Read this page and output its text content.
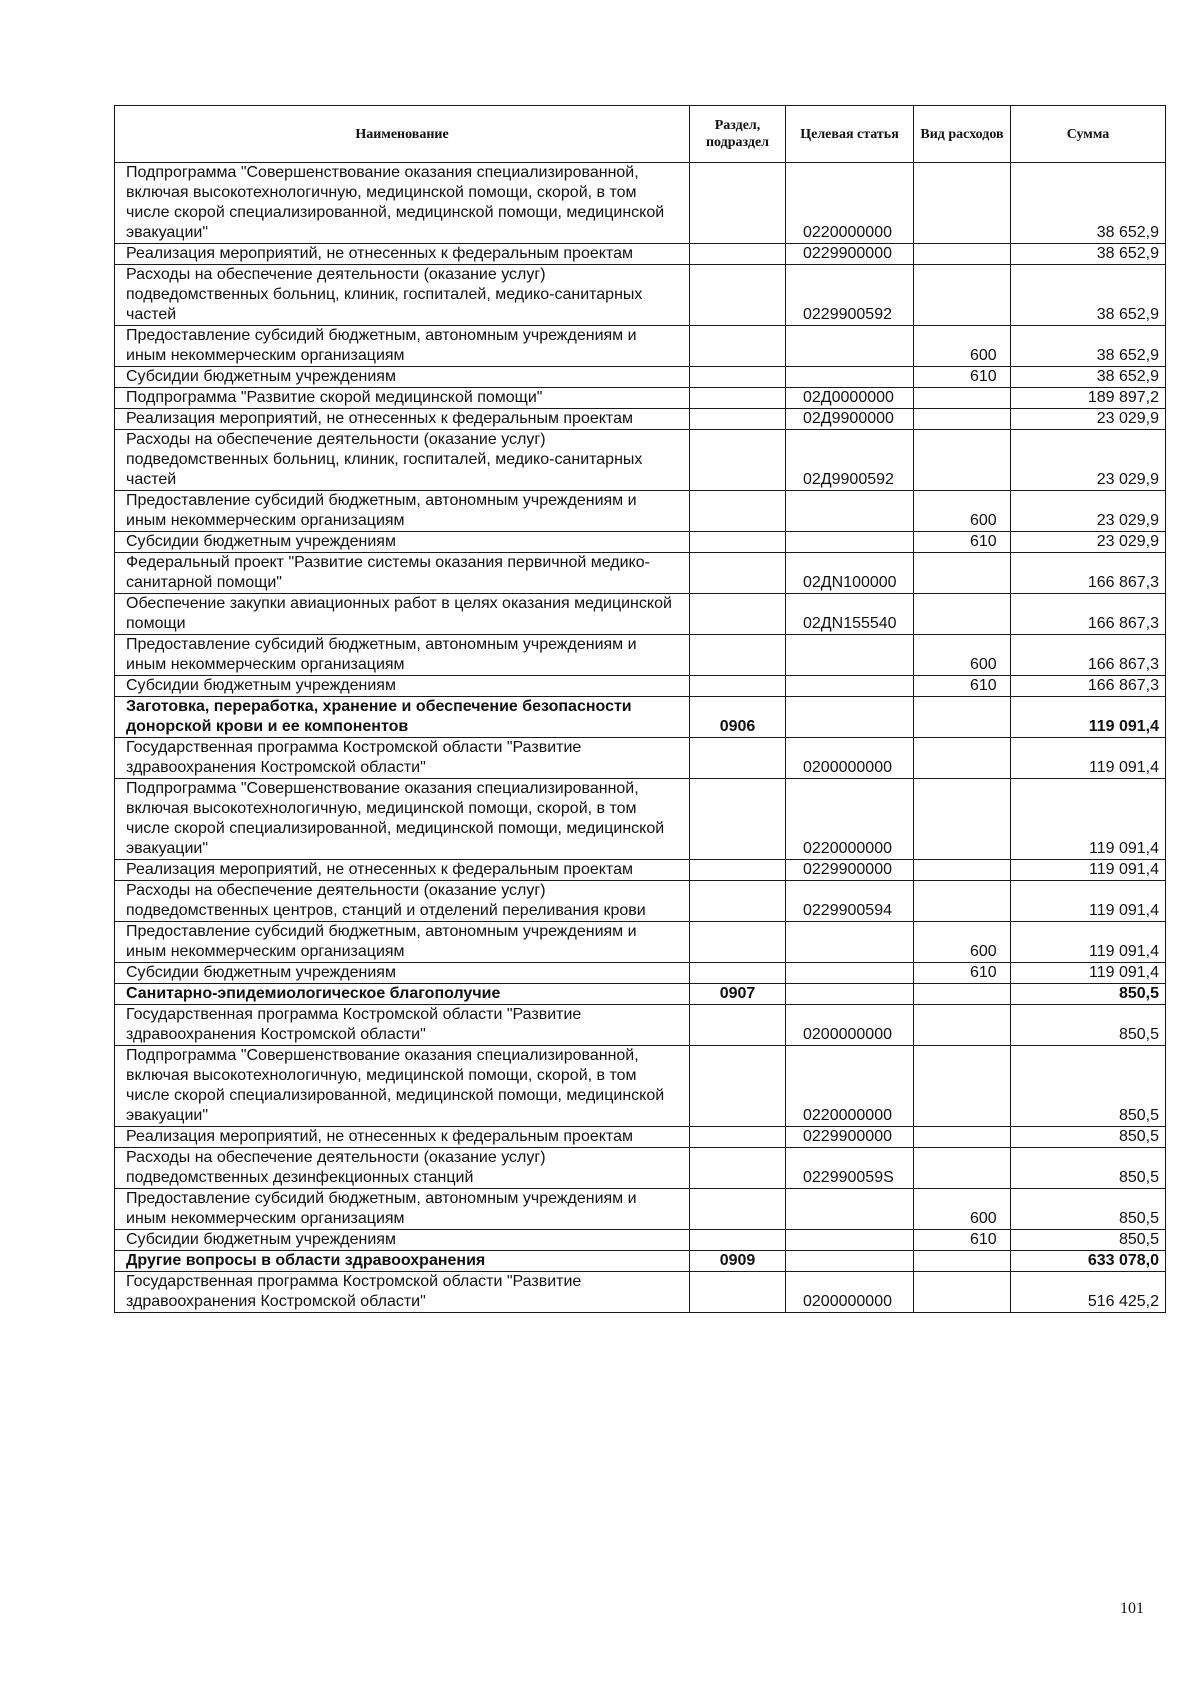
Наименование	Раздел, подраздел	Целевая статья	Вид расходов	Сумма
Подпрограмма "Совершенствование оказания специализированной, включая высокотехнологичную, медицинской помощи, скорой, в том числе скорой специализированной, медицинской помощи, медицинской эвакуации"		0220000000		38 652,9
Реализация мероприятий, не отнесенных к федеральным проектам		0229900000		38 652,9
Расходы на обеспечение деятельности (оказание услуг) подведомственных больниц, клиник, госпиталей, медико-санитарных частей		0229900592		38 652,9
Предоставление субсидий бюджетным, автономным учреждениям и иным некоммерческим организациям			600	38 652,9
Субсидии бюджетным учреждениям			610	38 652,9
Подпрограмма "Развитие скорой медицинской помощи"		02Д0000000		189 897,2
Реализация мероприятий, не отнесенных к федеральным проектам		02Д9900000		23 029,9
Расходы на обеспечение деятельности (оказание услуг) подведомственных больниц, клиник, госпиталей, медико-санитарных частей		02Д9900592		23 029,9
Предоставление субсидий бюджетным, автономным учреждениям и иным некоммерческим организациям			600	23 029,9
Субсидии бюджетным учреждениям			610	23 029,9
Федеральный проект "Развитие системы оказания первичной медико-санитарной помощи"		02ДN100000		166 867,3
Обеспечение закупки авиационных работ в целях оказания медицинской помощи		02ДN155540		166 867,3
Предоставление субсидий бюджетным, автономным учреждениям и иным некоммерческим организациям			600	166 867,3
Субсидии бюджетным учреждениям			610	166 867,3
Заготовка, переработка, хранение и обеспечение безопасности донорской крови и ее компонентов	0906			119 091,4
Государственная программа Костромской области "Развитие здравоохранения Костромской области"		0200000000		119 091,4
Подпрограмма "Совершенствование оказания специализированной, включая высокотехнологичную, медицинской помощи, скорой, в том числе скорой специализированной, медицинской помощи, медицинской эвакуации"		0220000000		119 091,4
Реализация мероприятий, не отнесенных к федеральным проектам		0229900000		119 091,4
Расходы на обеспечение деятельности (оказание услуг) подведомственных центров, станций и отделений переливания крови		0229900594		119 091,4
Предоставление субсидий бюджетным, автономным учреждениям и иным некоммерческим организациям			600	119 091,4
Субсидии бюджетным учреждениям			610	119 091,4
Санитарно-эпидемиологическое благополучие	0907			850,5
Государственная программа Костромской области "Развитие здравоохранения Костромской области"		0200000000		850,5
Подпрограмма "Совершенствование оказания специализированной, включая высокотехнологичную, медицинской помощи, скорой, в том числе скорой специализированной, медицинской помощи, медицинской эвакуации"		0220000000		850,5
Реализация мероприятий, не отнесенных к федеральным проектам		0229900000		850,5
Расходы на обеспечение деятельности (оказание услуг) подведомственных дезинфекционных станций		022990059S		850,5
Предоставление субсидий бюджетным, автономным учреждениям и иным некоммерческим организациям			600	850,5
Субсидии бюджетным учреждениям			610	850,5
Другие вопросы в области здравоохранения	0909			633 078,0
Государственная программа Костромской области "Развитие здравоохранения Костромской области"		0200000000		516 425,2
101
